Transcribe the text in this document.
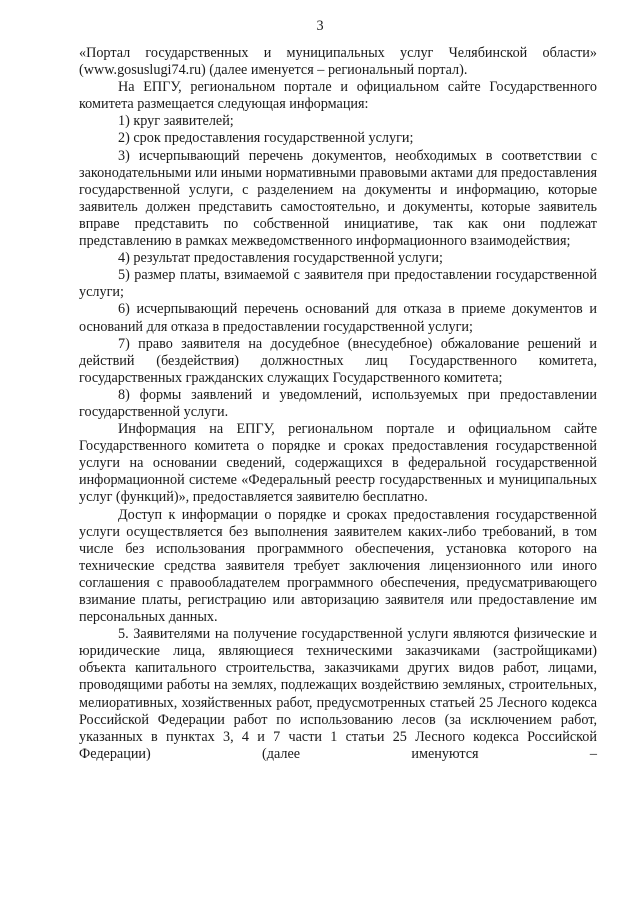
3

«Портал государственных и муниципальных услуг Челябинской области» (www.gosuslugi74.ru) (далее именуется – региональный портал).

На ЕПГУ, региональном портале и официальном сайте Государственного комитета размещается следующая информация:

1) круг заявителей;

2) срок предоставления государственной услуги;

3) исчерпывающий перечень документов, необходимых в соответствии с законодательными или иными нормативными правовыми актами для предоставления государственной услуги, с разделением на документы и информацию, которые заявитель должен представить самостоятельно, и документы, которые заявитель вправе представить по собственной инициативе, так как они подлежат представлению в рамках межведомственного информационного взаимодействия;

4) результат предоставления государственной услуги;

5) размер платы, взимаемой с заявителя при предоставлении государственной услуги;

6) исчерпывающий перечень оснований для отказа в приеме документов и оснований для отказа в предоставлении государственной услуги;

7) право заявителя на досудебное (внесудебное) обжалование решений и действий (бездействия) должностных лиц Государственного комитета, государственных гражданских служащих Государственного комитета;

8) формы заявлений и уведомлений, используемых при предоставлении государственной услуги.

Информация на ЕПГУ, региональном портале и официальном сайте Государственного комитета о порядке и сроках предоставления государственной услуги на основании сведений, содержащихся в федеральной государственной информационной системе «Федеральный реестр государственных и муниципальных услуг (функций)», предоставляется заявителю бесплатно.

Доступ к информации о порядке и сроках предоставления государственной услуги осуществляется без выполнения заявителем каких-либо требований, в том числе без использования программного обеспечения, установка которого на технические средства заявителя требует заключения лицензионного или иного соглашения с правообладателем программного обеспечения, предусматривающего взимание платы, регистрацию или авторизацию заявителя или предоставление им персональных данных.

5. Заявителями на получение государственной услуги являются физические и юридические лица, являющиеся техническими заказчиками (застройщиками) объекта капитального строительства, заказчиками других видов работ, лицами, проводящими работы на землях, подлежащих воздействию земляных, строительных, мелиоративных, хозяйственных работ, предусмотренных статьей 25 Лесного кодекса Российской Федерации работ по использованию лесов (за исключением работ, указанных в пунктах 3, 4 и 7 части 1 статьи 25 Лесного кодекса Российской Федерации) (далее именуются –
